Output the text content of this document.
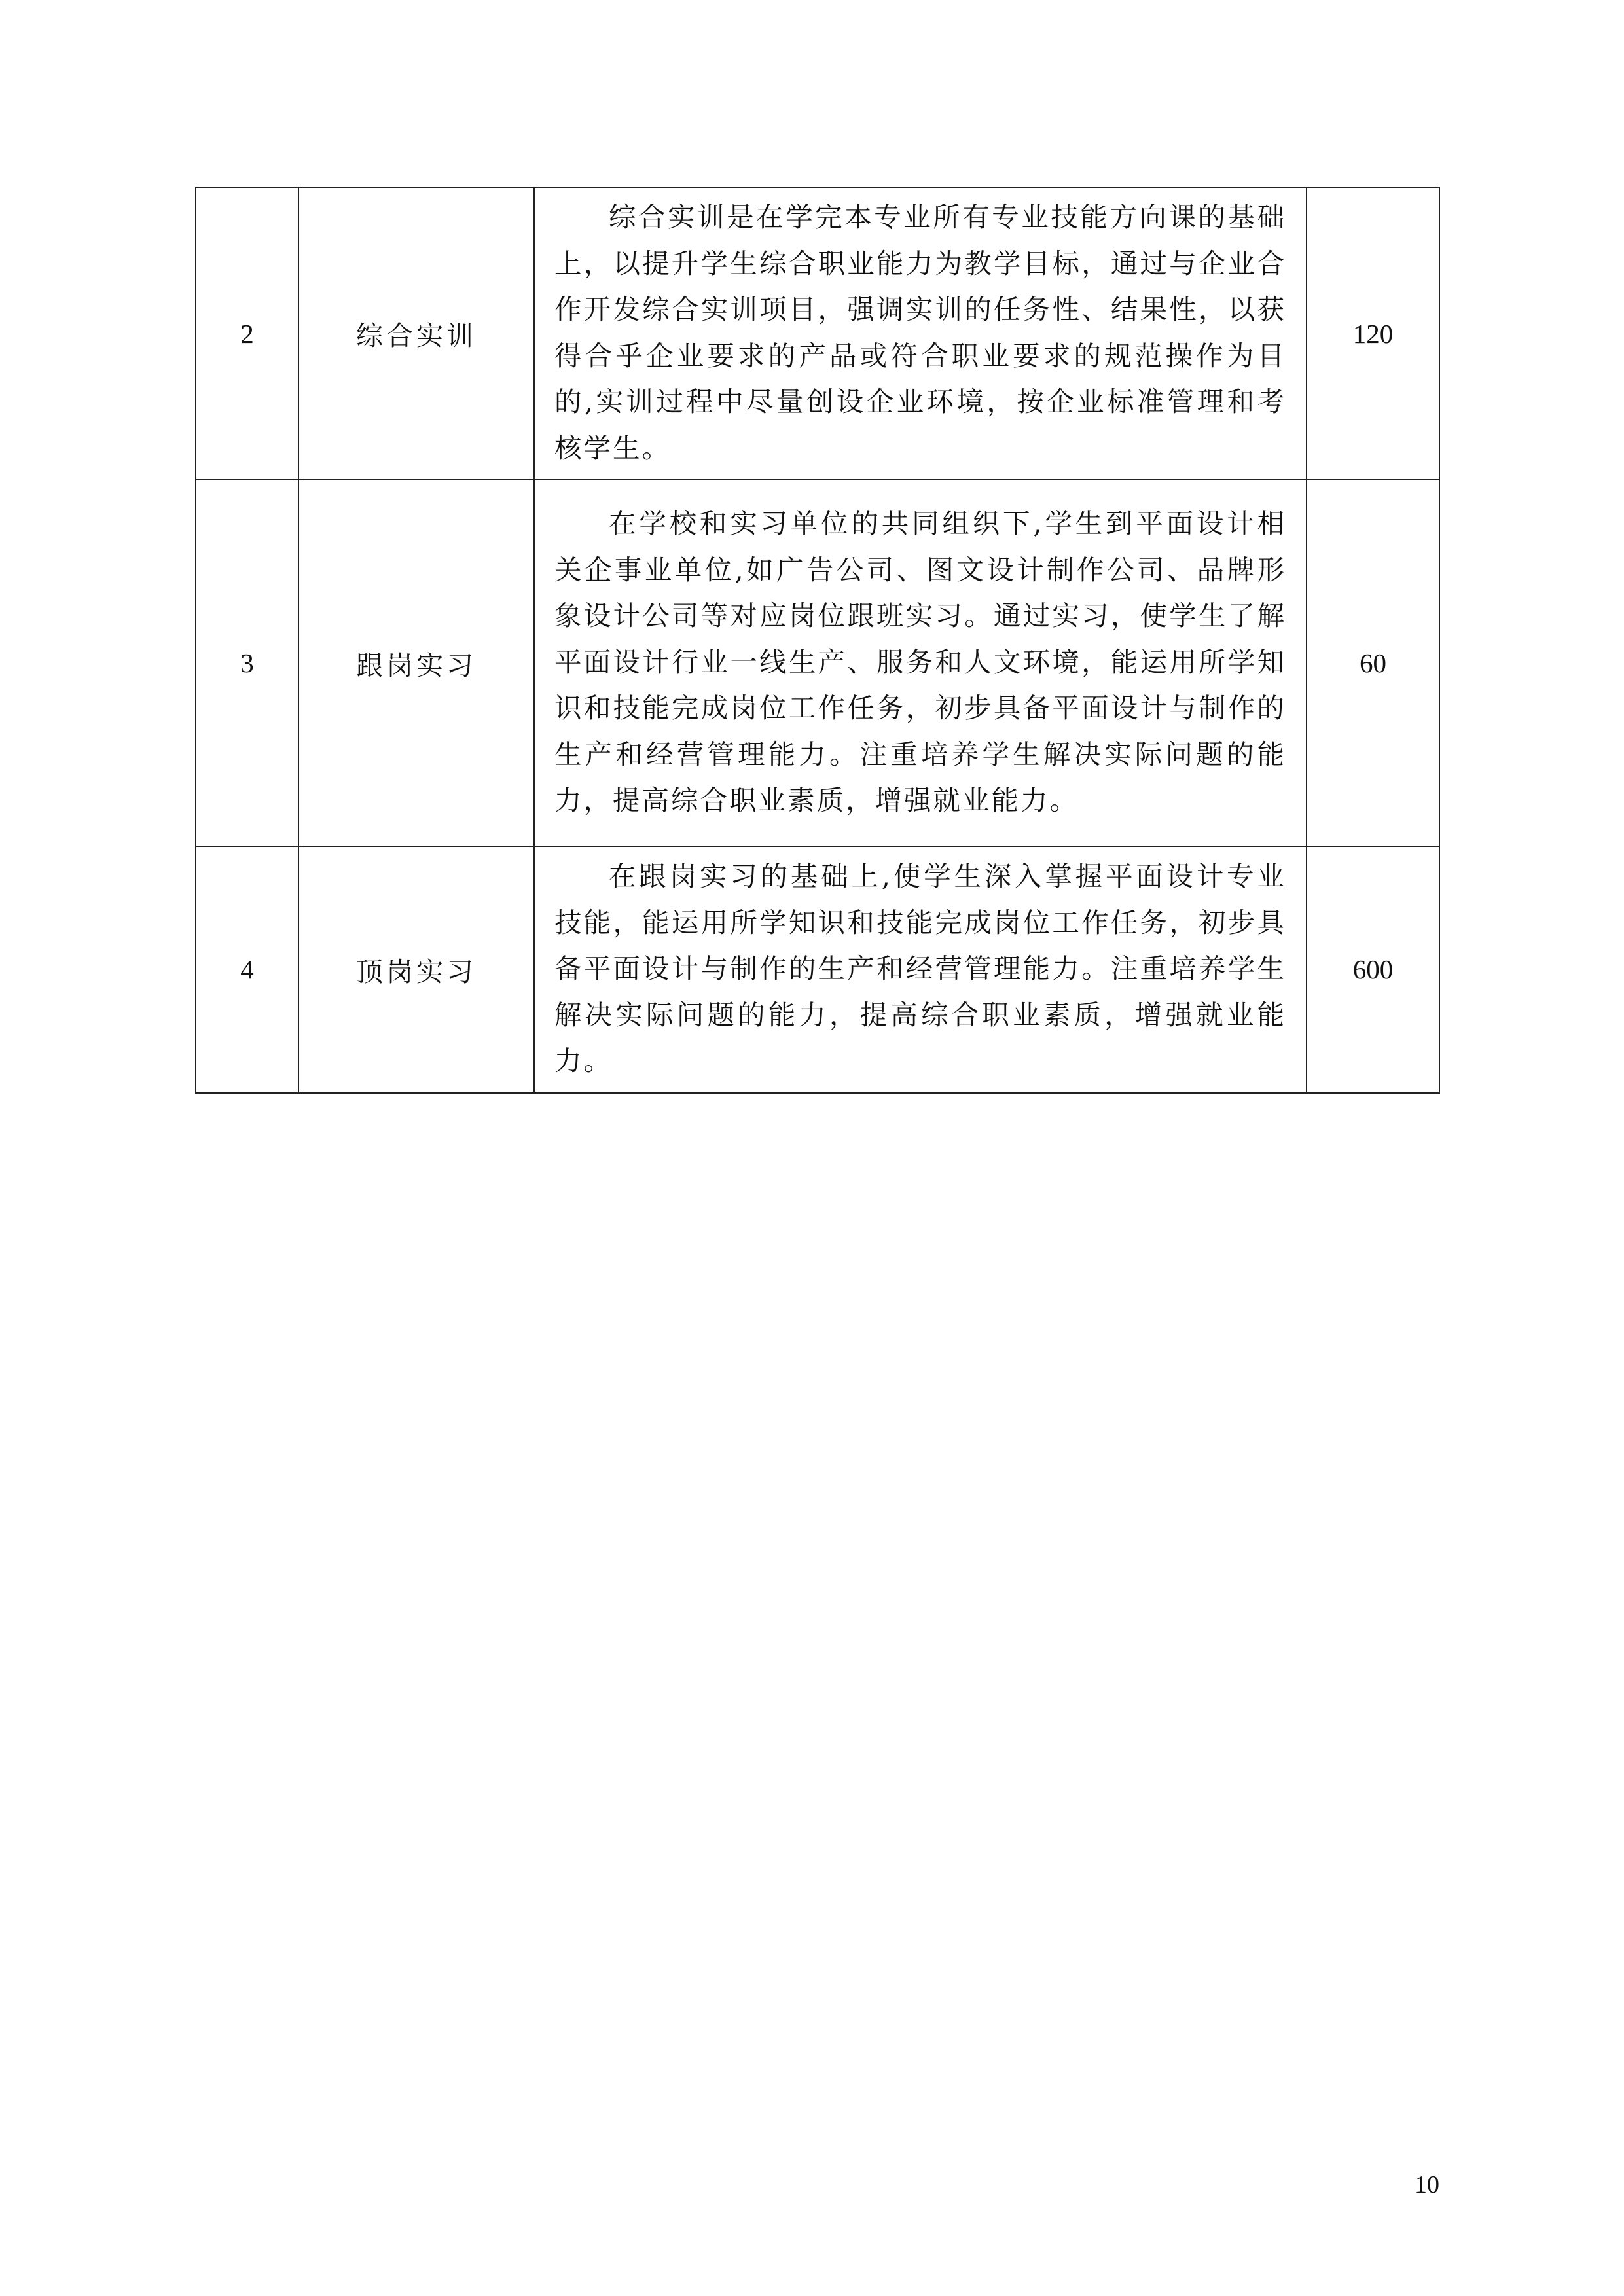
2	综合实训	综合实训是在学完本专业所有专业技能方向课的基础上，以提升学生综合职业能力为教学目标，通过与企业合作开发综合实训项目，强调实训的任务性、结果性，以获得合乎企业要求的产品或符合职业要求的规范操作为目的,实训过程中尽量创设企业环境，按企业标准管理和考核学生。	120
3	跟岗实习	在学校和实习单位的共同组织下,学生到平面设计相关企事业单位,如广告公司、图文设计制作公司、品牌形象设计公司等对应岗位跟班实习。通过实习，使学生了解平面设计行业一线生产、服务和人文环境，能运用所学知识和技能完成岗位工作任务，初步具备平面设计与制作的生产和经营管理能力。注重培养学生解决实际问题的能力，提高综合职业素质，增强就业能力。	60
4	顶岗实习	在跟岗实习的基础上,使学生深入掌握平面设计专业技能，能运用所学知识和技能完成岗位工作任务，初步具备平面设计与制作的生产和经营管理能力。注重培养学生解决实际问题的能力，提高综合职业素质，增强就业能力。	600
10
